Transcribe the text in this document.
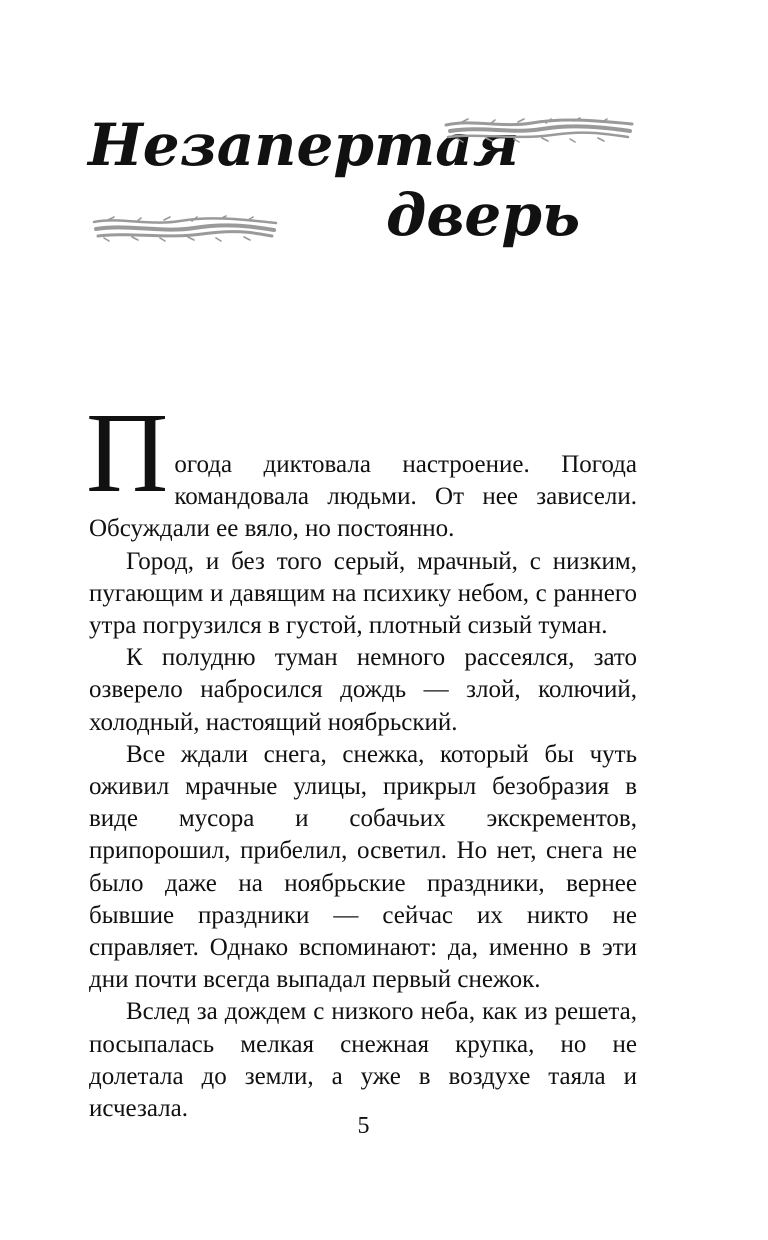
Незапертая
дверь

П огода диктовала настроение. Погода командовала людьми. От нее зависели. Обсуждали ее вяло, но постоянно.

Город, и без того серый, мрачный, с низким, пугающим и давящим на психику небом, с раннего утра погрузился в густой, плотный сизый туман.

К полудню туман немного рассеялся, зато озверело набросился дождь — злой, колючий, холодный, настоящий ноябрьский.

Все ждали снега, снежка, который бы чуть оживил мрачные улицы, прикрыл безобразия в виде мусора и собачьих экскрементов, припорошил, прибелил, осветил. Но нет, снега не было даже на ноябрьские праздники, вернее бывшие праздники — сейчас их никто не справляет. Однако вспоминают: да, именно в эти дни почти всегда выпадал первый снежок.

Вслед за дождем с низкого неба, как из решета, посыпалась мелкая снежная крупка, но не долетала до земли, а уже в воздухе таяла и исчезала.

5
